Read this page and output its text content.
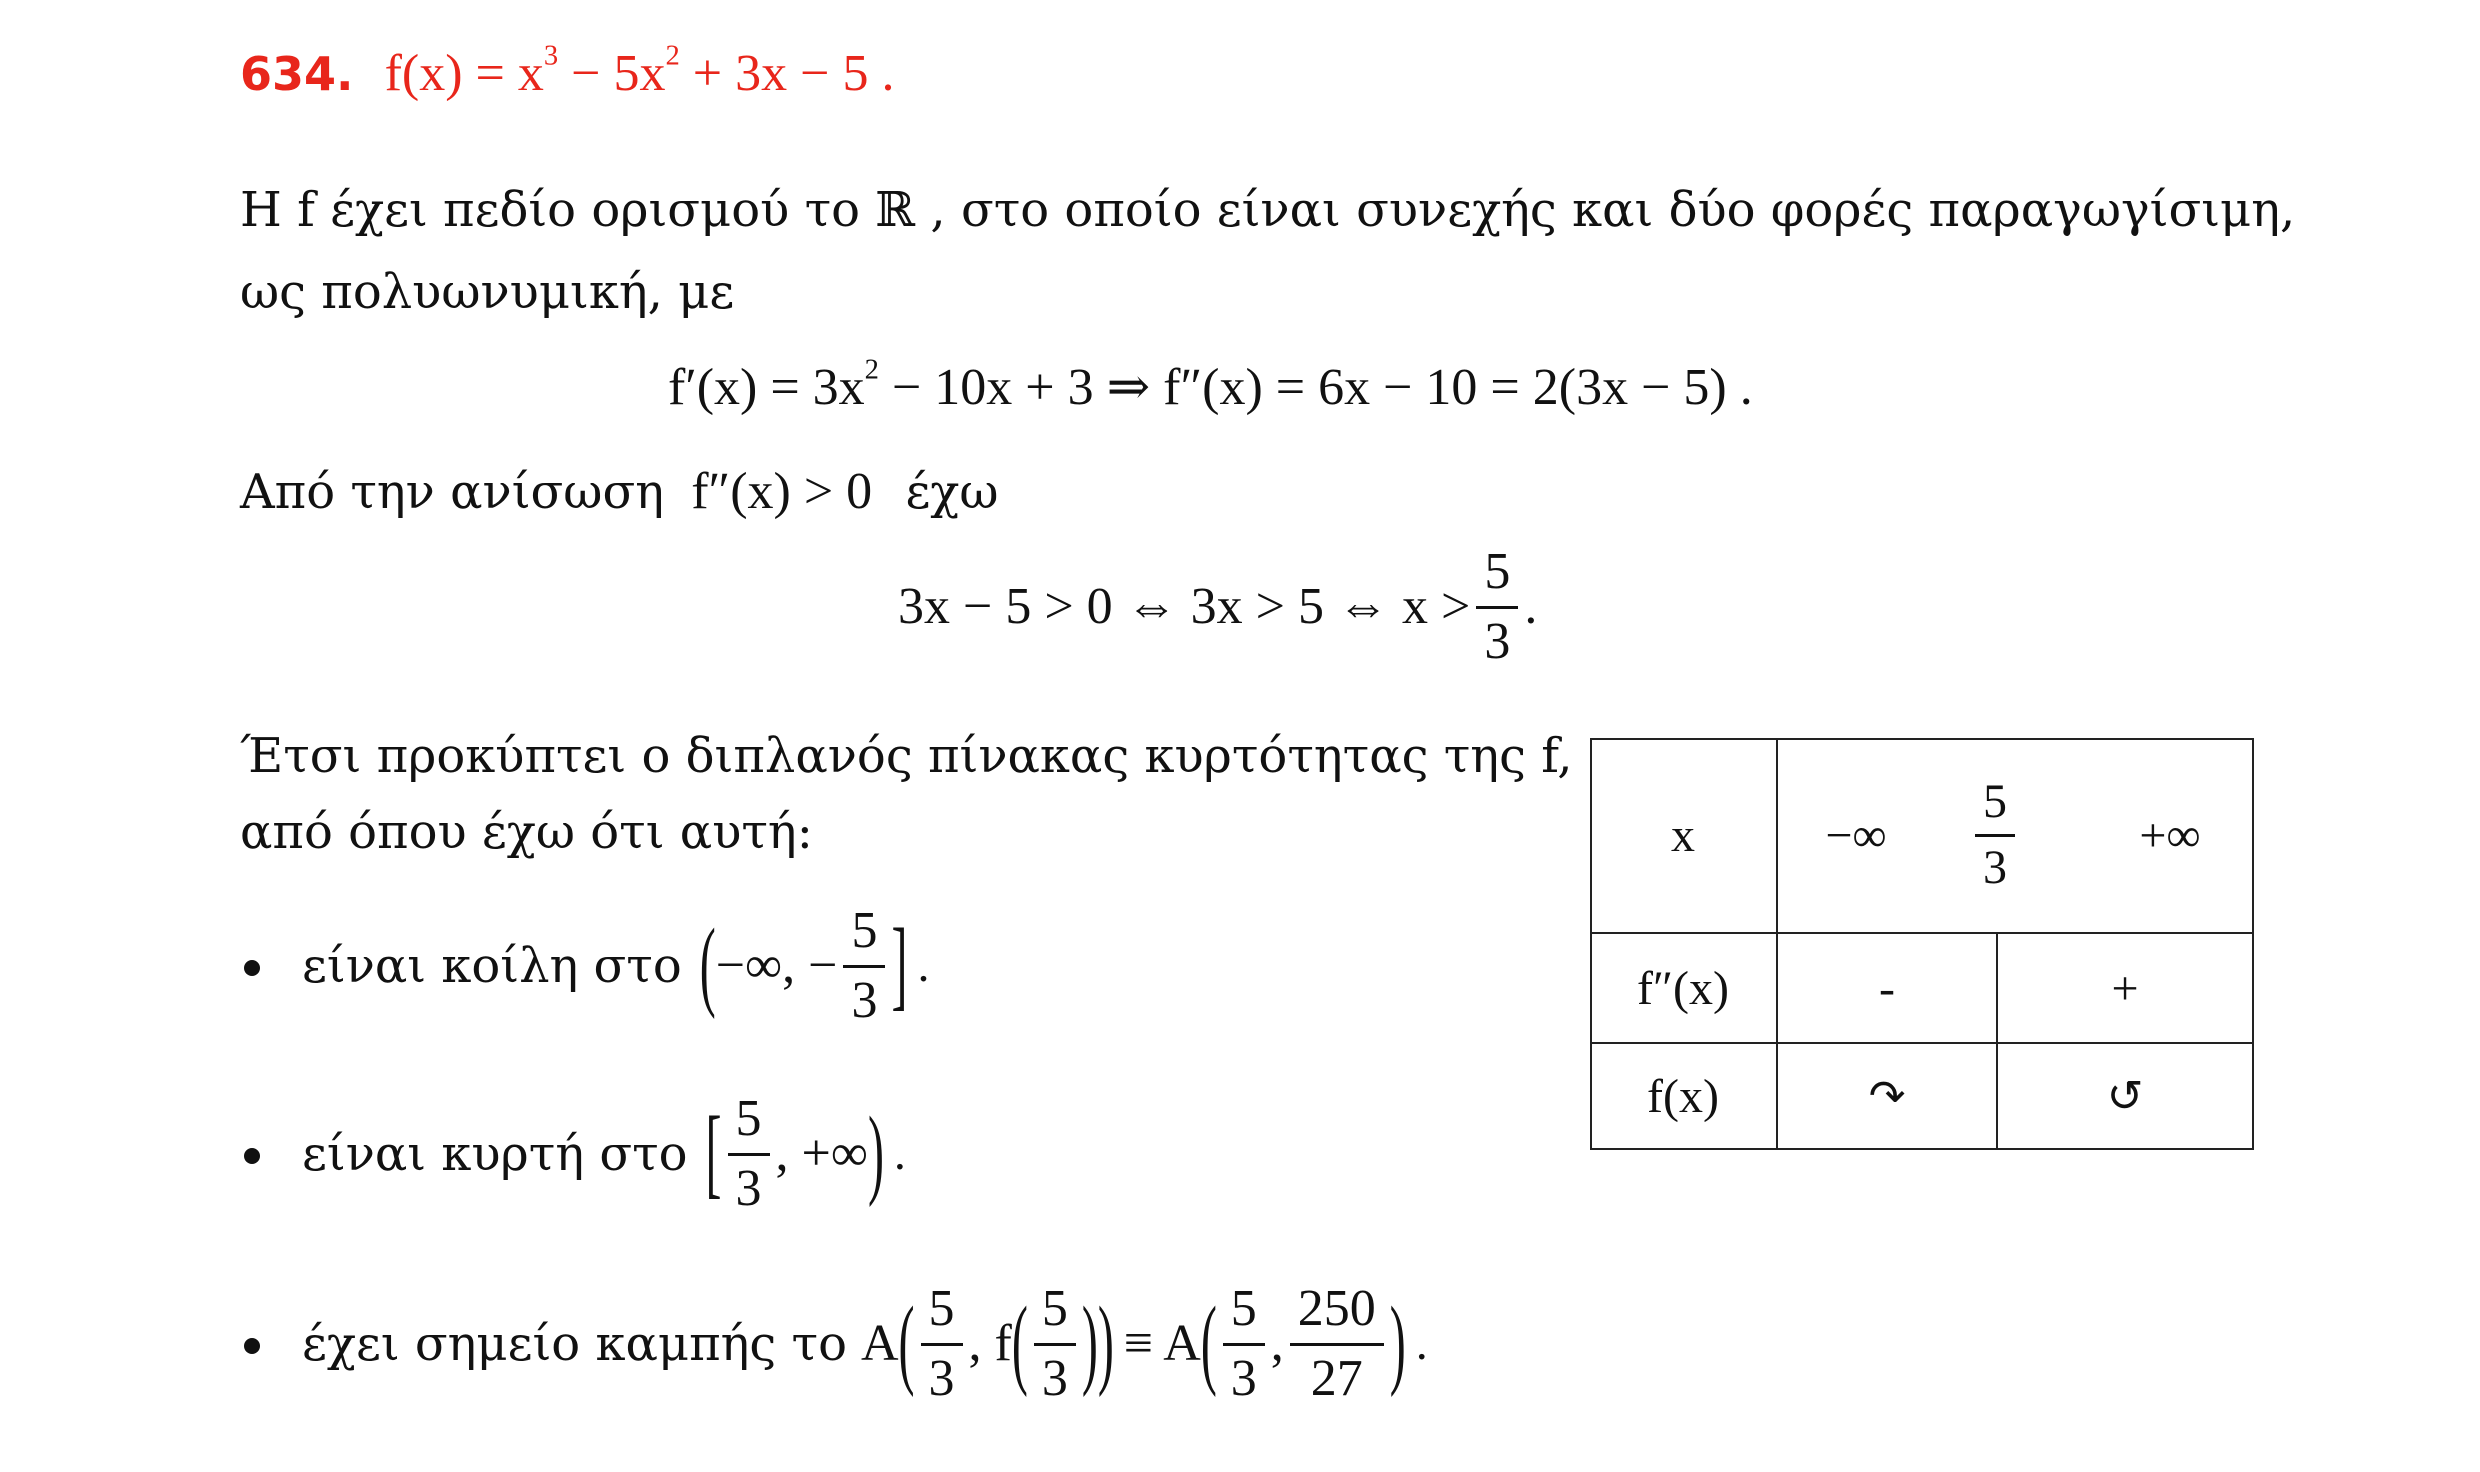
634. $f(x) = x^3 - 5x^2 + 3x - 5$ .
Η f έχει πεδίο ορισμού το ℝ , στο οποίο είναι συνεχής και δύο φορές παραγωγίσιμη,
ως πολυωνυμική, με
$f'(x) = 3x^2 - 10x + 3$ ⇒ f″(x) = 6x − 10 = 2(3x − 5) .
Από την ανίσωση f″(x) > 0 έχω
3x − 5 > 0 ⇔ 3x > 5 ⇔ $x > \frac{5}{3}$ .
Έτσι προκύπτει ο διπλανός πίνακας κυρτότητας της f,
από όπου έχω ότι αυτή:
είναι κοίλη στο ( −∞, − $\frac{5}{3}$ ] .
είναι κυρτή στο [ $\frac{5}{3}$ , +∞ ) .
έχει σημείο καμπής το A ( $\frac{5}{3}$ , f ( $\frac{5}{3}$ )) ≡ A ( $\frac{5}{3}$ , $\frac{250}{27}$ ) .
x	−∞	$\frac{5}{3}$	+∞
f″(x)	-	+
f(x)	↷	↺
